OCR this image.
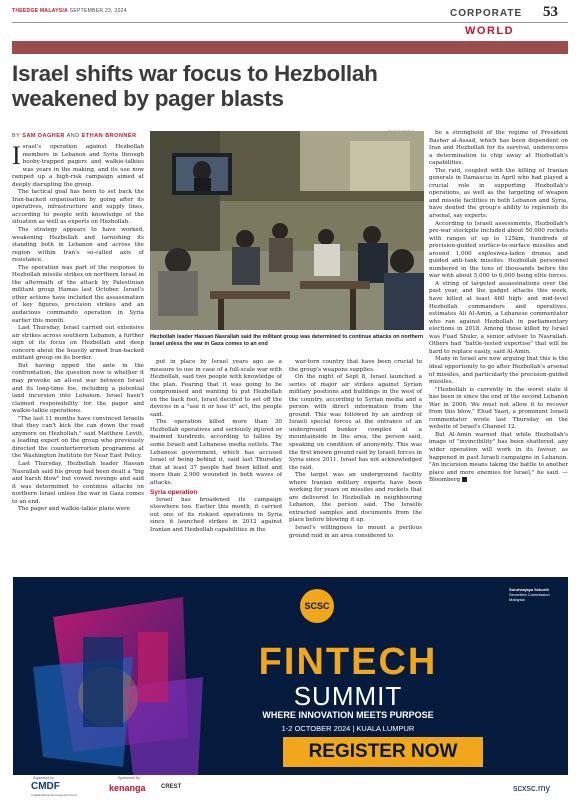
THEEDGE MALAYSIA SEPTEMBER 23, 2024	CORPORATE 53
WORLD
Israel shifts war focus to Hezbollah
weakened by pager blasts
BY SAM DAGHER AND ETHAN BRONNER

Israel's operation against Hezbollah members in Lebanon and Syria through booby-trapped pagers and walkie-talkies was years in the making, and its use now ramped up a high-risk campaign aimed at deeply disrupting the group.

The tactical goal has been to set back the Iran-backed organisation by going after its operatives, infrastructure and supply lines, according to people with knowledge of the situation as well as experts on Hezbollah.

The strategy appears to have worked, weakening Hezbollah and tarnishing its standing both in Lebanon and across the region within Iran's so-called axis of resistance.

The operation was part of the response to Hezbollah missile strikes on northern Israel in the aftermath of the attack by Palestinian militant group Hamas last October. Israel's other actions have included the assassination of key figures, precision strikes and an audacious commando operation in Syria earlier this month.

Last Thursday, Israel carried out extensive air strikes across southern Lebanon, a further sign of its focus on Hezbollah and deep concern about the heavily armed Iran-backed militant group on its border.

But having upped the ante in the confrontation, the question now is whether it may provoke an all-out war between Israel and its long-time foe, including a potential land incursion into Lebanon. Israel hasn't claimed responsibility for the pager and walkie-talkie operations.

"The last 11 months have convinced Israelis that they can't kick the can down the road anymore on Hezbollah," said Matthew Levitt, a leading expert on the group who previously directed the counterterrorism programme at the Washington Institute for Near East Policy.

Last Thursday, Hezbollah leader Hassan Nasrallah said his group had been dealt a "big and harsh blow" but vowed revenge and said it was determined to continue attacks on northern Israel unless the war in Gaza comes to an end.

The pager and walkie-talkie plans were

Hezbollah leader Hassan Nasrallah said the militant group was determined to continue attacks on northern Israel unless the war in Gaza comes to an end

put in place by Israel years ago as a measure to use in case of a full-scale war with Hezbollah, said two people with knowledge of the plan. Fearing that it was going to be compromised and wanting to put Hezbollah on the back foot, Israel decided to set off the devices in a "use it or lose it" act, the people said.

The operation killed more than 30 Hezbollah operatives and seriously injured or maimed hundreds, according to tallies by some Israeli and Lebanese media outlets. The Lebanese government, which has accused Israel of being behind it, said last Thursday that at least 37 people had been killed and more than 2,900 wounded in both waves of attacks.

Syria operation

Israel has broadened its campaign elsewhere too. Earlier this month, it carried out one of its riskiest operations in Syria since it launched strikes in 2012 against Iranian and Hezbollah capabilities in the

war-torn country that have been crucial to the group's weapons supplies.

On the night of Sept 8, Israel launched a series of major air strikes against Syrian military positions and buildings in the west of the country, according to Syrian media and a person with direct information from the ground. This was followed by an airdrop of Israeli special forces at the entrance of an underground bunker complex at a mountainside in the area, the person said, speaking on condition of anonymity. This was the first known ground raid by Israeli forces in Syria since 2011. Israel has not acknowledged the raid.

The target was an underground facility where Iranian military experts have been working for years on missiles and rockets that are delivered to Hezbollah in neighbouring Lebanon, the person said. The Israelis extracted samples and documents from the place before blowing it up.

Israel's willingness to mount a perilous ground raid in an area considered to

be a stronghold of the regime of President Bashar al-Assad, which has been dependent on Iran and Hezbollah for its survival, underscores a determination to chip away at Hezbollah's capabilities.

The raid, coupled with the killing of Iranian generals in Damascus in April who had played a crucial role in supporting Hezbollah's operations, as well as the targeting of weapon and missile facilities in both Lebanon and Syria, have dented the group's ability to replenish its arsenal, say experts.

According to Israeli assessments, Hezbollah's pre-war stockpile included about 50,000 rockets with ranges of up to 125km, hundreds of precision-guided surface-to-surface missiles and around 1,000 explosives-laden drones and guided anti-tank missiles. Hezbollah personnel numbered in the tens of thousands before the war with about 5,000 to 6,000 being elite forces.

A string of targeted assassinations over the past year, and the gadget attacks this week, have killed at least 460 high- and mid-level Hezbollah commanders and operatives, estimates Ali Al-Amin, a Lebanese commentator who ran against Hezbollah in parliamentary elections in 2018. Among those killed by Israel was Fuad Shukr, a senior adviser to Nasrallah. Others had "battle-tested expertise" that will be hard to replace easily, said Al-Amin.

Many in Israel are now arguing that this is the ideal opportunity to go after Hezbollah's arsenal of missiles, and particularly the precision-guided missiles.

"Hezbollah is currently in the worst state it has been in since the end of the second Lebanon War in 2006. We must not allow it to recover from this blow," Ehud Yaari, a prominent Israeli commentator wrote last Thursday on the website of Israel's Channel 12.

But Al-Amin warned that while Hezbollah's image of "invincibility" has been shattered, any wider operation will work in its favour, as happened in past Israeli campaigns in Lebanon. "An incursion means taking the battle to another place and more enemies for Israel," he said. — Bloomberg

SCSC
Suruhanjaya Sekuriti
Securities Commission
Malaysia
FINTECH
SUMMIT
WHERE INNOVATION MEETS PURPOSE
1-2 OCTOBER 2024 | KUALA LUMPUR
REGISTER NOW
Supported by
CMDF
Capital Market Development Fund
Sponsored by
kenanga	CREST	scxsc.my
